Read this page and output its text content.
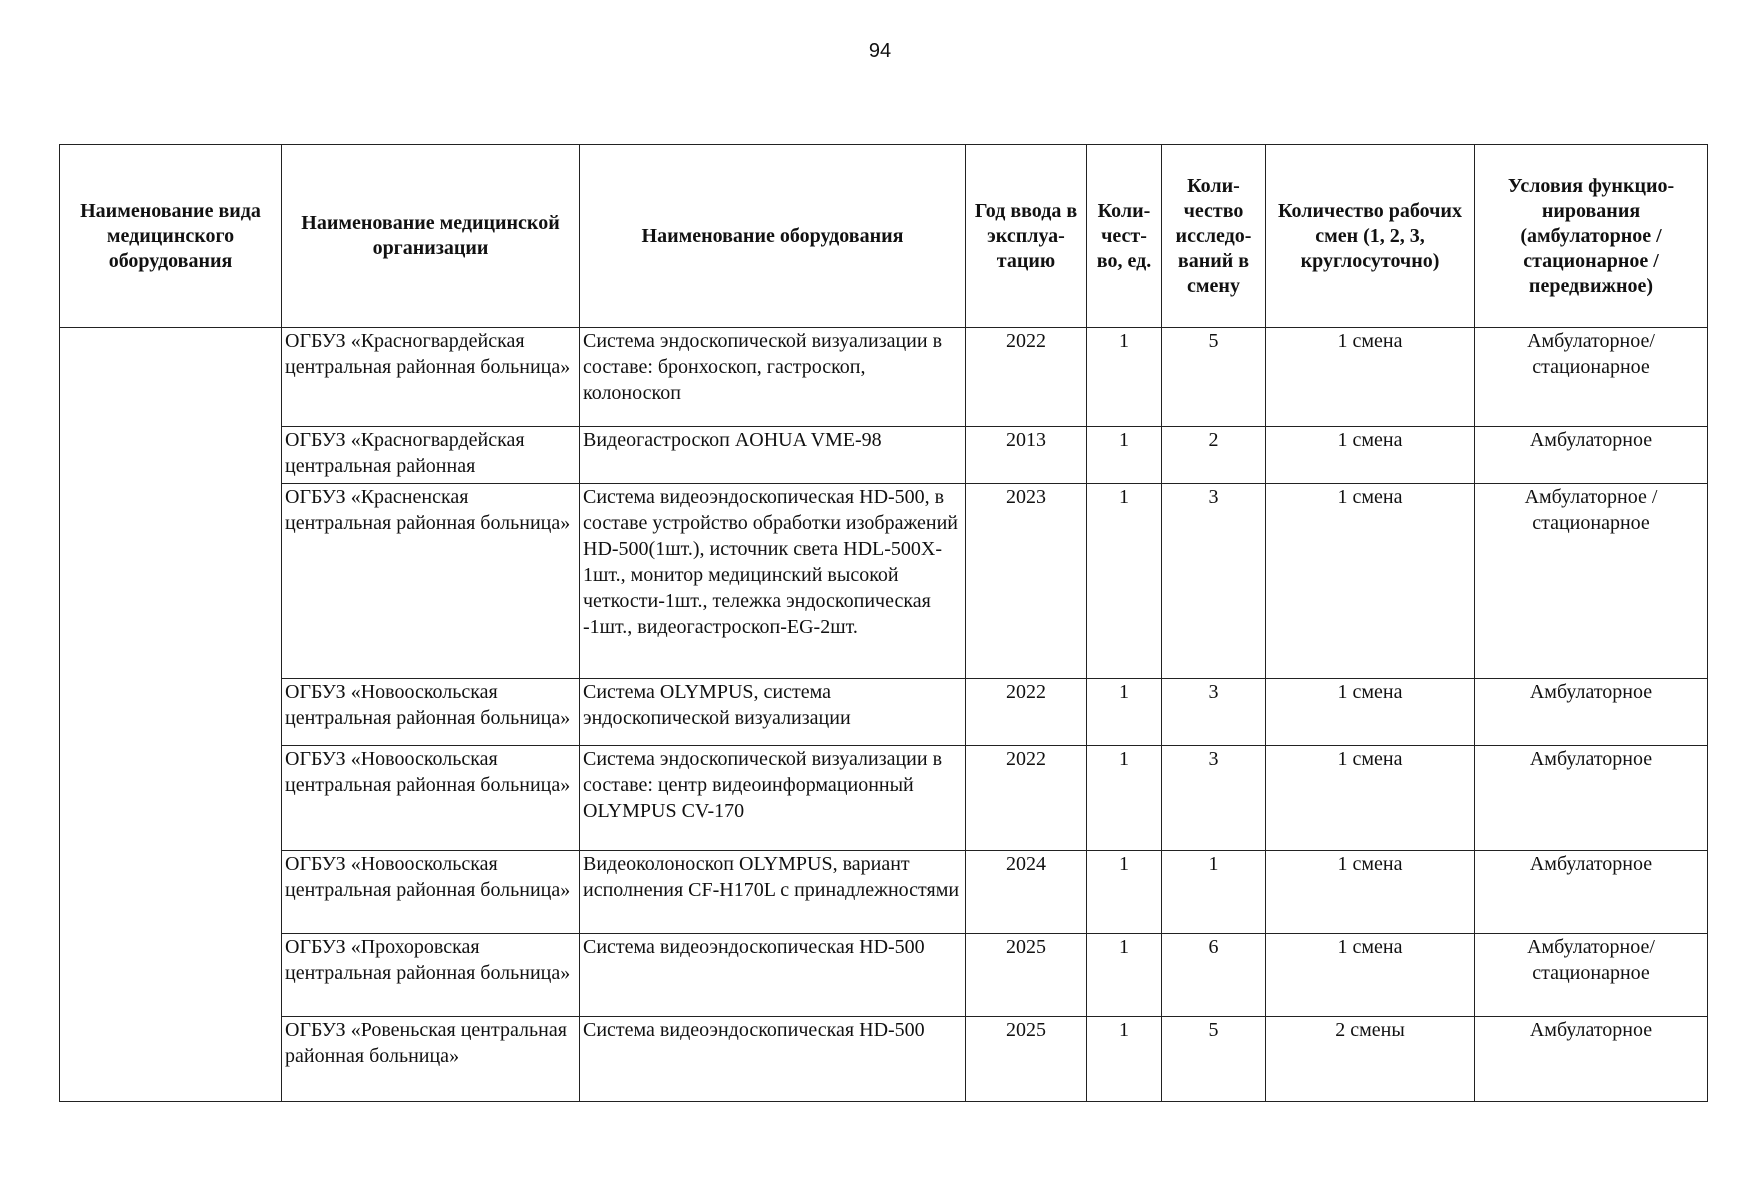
94
Наименование вида медицинского оборудования	Наименование медицинской организации	Наименование оборудования	Год ввода в эксплуа-тацию	Коли-чест-во, ед.	Коли-чество исследо-ваний в смену	Количество рабочих смен (1, 2, 3, круглосуточно)	Условия функцио-нирования (амбулаторное / стационарное / передвижное)
	ОГБУЗ «Красногвардейская центральная районная больница»	Система эндоскопической визуализации в составе: бронхоскоп, гастроскоп, колоноскоп	2022	1	5	1 смена	Амбулаторное/ стационарное
	ОГБУЗ «Красногвардейская центральная районная	Видеогастроскоп AOHUA VME-98	2013	1	2	1 смена	Амбулаторное
	ОГБУЗ «Красненская центральная районная больница»	Система видеоэндоскопическая HD-500, в составе устройство обработки изображений HD-500(1шт.), источник света HDL-500X-1шт., монитор медицинский высокой четкости-1шт., тележка эндоскопическая -1шт., видеогастроскоп-EG-2шт.	2023	1	3	1 смена	Амбулаторное / стационарное
	ОГБУЗ «Новооскольская центральная районная больница»	Система OLYMPUS, система эндоскопической визуализации	2022	1	3	1 смена	Амбулаторное
	ОГБУЗ «Новооскольская центральная районная больница»	Система эндоскопической визуализации в составе: центр видеоинформационный OLYMPUS CV-170	2022	1	3	1 смена	Амбулаторное
	ОГБУЗ «Новооскольская центральная районная больница»	Видеоколоноскоп OLYMPUS, вариант исполнения CF-H170L с принадлежностями	2024	1	1	1 смена	Амбулаторное
	ОГБУЗ «Прохоровская центральная районная больница»	Система видеоэндоскопическая HD-500	2025	1	6	1 смена	Амбулаторное/ стационарное
	ОГБУЗ «Ровеньская центральная районная больница»	Система видеоэндоскопическая HD-500	2025	1	5	2 смены	Амбулаторное
